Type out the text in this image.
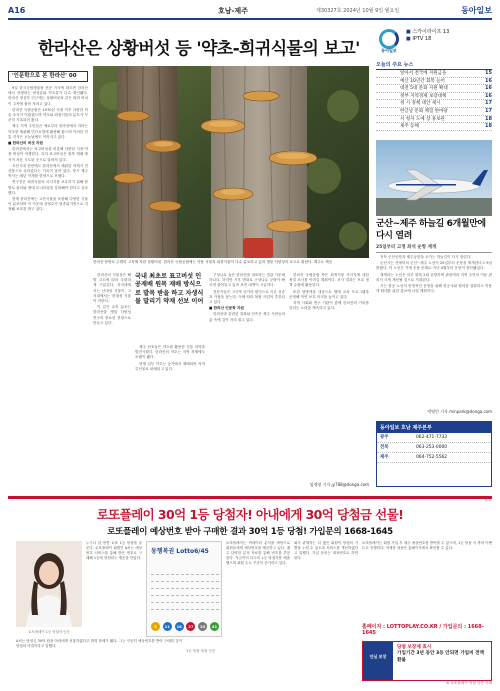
A16	호남-제주	제30327호 2024년 10월 9일 월요일	동아일보
한라산은 상황버섯 등 '약초-희귀식물의 보고'	동아일보
■ 스카이라이프 13
■ IPTV 18
오늘의 주요 뉴스
알아서 전국에 지원금을	15
예산 10년간 회복 늘어	16
대전 5대 문화 지원 확대	16
정부 지역경제 보장대책	16
정 시 정책 대안 제시	17
한글날 문화 체험 한마당	17
서 청자 도예 장 홍보관	18
제주 동해	18
'인문학으로 본 한라산' 00

9일 한국국립생물원 신문 기사에 따르면 한라산에서 자생하는 버섯류와 약초류가 다수 확인됐다. 한라산 정상부 인근에는 상황버섯과 같은 희귀 버섯이 고목에 붙어 자라고 있다.

한라산 국립공원은 1970년 지정 이후 다양한 학술 조사가 이뤄졌으며 약초와 희귀식물의 분포가 꾸준히 기록되어 왔다.

제주 지역 주민들은 예로부터 한라산에서 자라는 약초를 채취해 민간요법에 활용해 왔으며 이러한 전통 지식은 오늘날에도 이어지고 있다.

■ 한라산의 버섯 자원

한라산에서는 표고버섯을 비롯해 다양한 식용·약용 버섯이 자생한다. 특히 표고버섯은 원목 재배 방식이 처음 시도된 곳으로 알려져 있다.

조선시대 문헌에도 한라산에서 채취한 약재가 진상품으로 올라갔다는 기록이 남아 있다. 당시 제주 목사는 매년 약재를 한양으로 보냈다.

연구진은 희귀식물의 서식지를 보호하기 위해 탐방로 관리와 생태 모니터링을 강화해야 한다고 강조했다.

현재 한라산에는 고산식물을 포함해 다양한 식물이 분포하며 이 가운데 상당수가 멸종위기종으로 지정돼 보호를 받고 있다.

한라산 탐방로 주변의 고목에 자란 상황버섯. 한라산 국립공원에는 약용 식물과 희귀식물이 다수 분포하고 있어 생물 다양성의 보고로 불린다. 제주도 제공

한라산의 식물상은 해발 고도에 따라 뚜렷하게 구분된다. 저지대에서는 난대성 식물이, 고지대에서는 한대성 식물이 자란다.

이 같은 수직 분포는 한라산을 생물 다양성 연구의 중요한 현장으로 만들고 있다.

국내 최초로 표고버섯 인공재배 원목 재배 방식으로 발목 받을 하고 자생식물 말리기 약재 선보 이어

제주 선조들은 약초를 활용한 전통 의학을 발전시켰다. 한라산의 약초는 지역 경제에도 보탬이 됐다.

현재 일부 약초는 농가에서 재배되며 지역 특산물로 판매되고 있다.

구상나무 숲은 한라산을 대표하는 경관 가운데 하나다. 하지만 기후 변화로 구상나무 군락이 빠르게 줄어들고 있어 보전 대책이 시급하다.

전문가들은 고사목 증가의 원인으로 기온 상승과 가뭄을 꼽는다. 이에 따라 복원 사업이 추진되고 있다.

■ 한라산 인문학 자원

한라산과 관련된 설화와 민속은 제주 사람들의 삶 속에 깊이 자리 잡고 있다.

한라산 국립공원 측은 희귀식물 서식지에 대한 정밀 조사를 이어갈 계획이다. 조사 결과는 보호 정책 수립에 활용된다.

또한 탐방객을 대상으로 생태 교육 프로그램을 운영해 자연 보호 의식을 높이고 있다.

지역 사회와 연구 기관이 함께 한라산의 가치를 알리는 노력을 계속하고 있다.

임재영 기자 jy788@donga.com
군산~제주 하늘길 6개월만에 다시 열려
25일부터 고정 좌석 운항 재개

전북 군산공항과 제주공항을 오가는 하늘길이 다시 열린다.

군산시는 진에어의 군산~제주 노선이 25일부터 운항을 재개한다고 9일 밝혔다. 이 노선은 기재 운용 문제로 지난 4월부터 운항이 중단됐었다.

재개되는 노선은 하루 왕복 2회 운항하며 관광객과 지역 주민의 이동 편의가 크게 개선될 것으로 기대된다.

시는 항공 노선의 안정적인 운영을 위해 항공사와 협력을 강화하고 이용객 확대를 위한 홍보에 나설 계획이다.

박영민 기자 minpark@donga.com
동아일보 호남 제주본부
광주	062-471-7733
전북	063-253-0000
제주	064-752-5562
광고
로또플레이 30억 1등 당첨자! 아내에게 30억 당첨금 선물!
로또플레이 예상번호 받아 구매한 결과 30억 1등 당첨! 가입문의 1668-1645
로또플레이 1등 당첨자 인증
누구나 한 번쯤 로또 1등 당첨을 꿈꾼다. 로또플레이 회원인 A씨는 예상번호 서비스를 통해 받은 번호로 구매해 1등에 당첨되는 행운을 안았다.
동행복권 Lotto6/45
3	11	18	27	33	41
A씨는 당첨금 30억 원을 아내에게 선물하겠다고 밝혀 화제가 됐다. 그는 꾸준히 예상번호를 받아 구매한 것이 당첨의 비결이라고 말했다.
1등 당첨 복권 인증
로또플레이는 빅데이터 분석을 바탕으로 회원들에게 예상번호를 제공하고 있다. 매주 다양한 분석 자료를 통해 번호를 추천한다. 지금까지 다수의 1등 당첨자를 배출했으며 회원 수도 꾸준히 증가하고 있다.
회사 관계자는 더 많은 회원이 당첨의 기쁨을 누릴 수 있도록 서비스를 개선하겠다고 말했다. 가입 문의는 대표번호로 하면 된다.
로또플레이는 회원 가입 후 매주 예상번호를 받아볼 수 있으며, 1등 당첨 시 축하 이벤트도 진행한다. 자세한 내용은 홈페이지에서 확인할 수 있다.
홈페이지 : LOTTOPLAY.CO.KR / 가입문의 : 1668-1645
안심 보장
당첨 보장제 효시
가입기간 3년 동안 3등 안되면 가입비 전액 환불
※ 로또플레이 당첨 인증 사례
